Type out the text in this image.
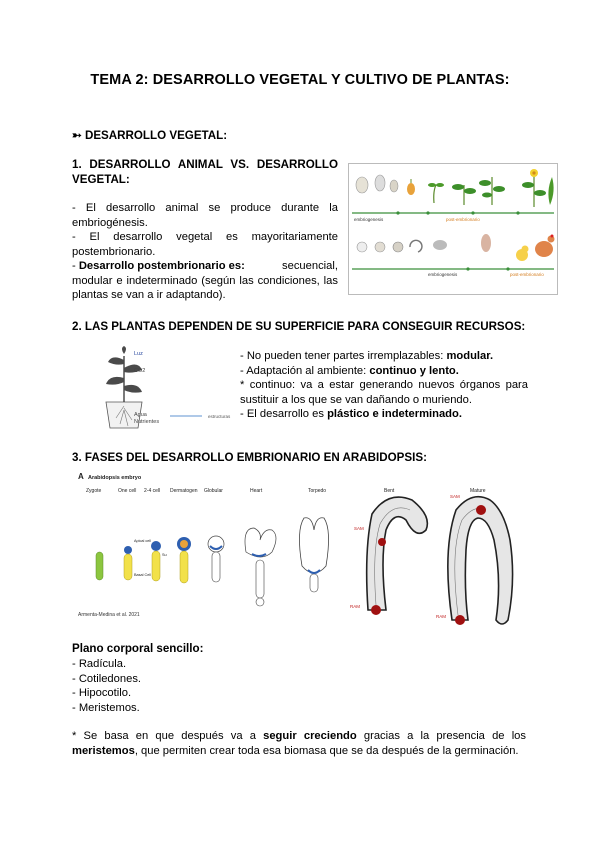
TEMA 2: DESARROLLO VEGETAL Y CULTIVO DE PLANTAS:
➳ DESARROLLO VEGETAL:
1. DESARROLLO ANIMAL VS. DESARROLLO
VEGETAL:
- El desarrollo animal se produce durante la
embriogénesis.
- El desarrollo vegetal es mayoritariamente
postembrionario.
- Desarrollo postembrionario es:	secuencial,
modular e indeterminado (según las condiciones, las
plantas se van a ir adaptando).
embriogenesis	post-embrionario
embriogenesis	post-embrionario
2. LAS PLANTAS DEPENDEN DE SU SUPERFICIE PARA CONSEGUIR RECURSOS:
Luz
CO2
Agua
Nutrientes
estructuras
- No pueden tener partes irremplazables: modular.
- Adaptación al ambiente: continuo y lento.
* continuo: va a estar generando nuevos órganos para
sustituir a los que se van dañando o muriendo.
- El desarrollo es plástico e indeterminado.
3. FASES DEL DESARROLLO EMBRIONARIO EN ARABIDOPSIS:
A Arabidopsis embryo
Zygote	One cell 2-4 cell Dermatogen Globular	Heart	Torpedo	Bent	Mature
Apical cell
Basal Cell
Su
SAM
RAM
SAM
RAM
Armenta-Medina et al. 2021
Plano corporal sencillo:
- Radícula.
- Cotiledones.
- Hipocotilo.
- Meristemos.
* Se basa en que después va a seguir creciendo gracias a la presencia de los
meristemos, que permiten crear toda esa biomasa que se da después de la germinación.
